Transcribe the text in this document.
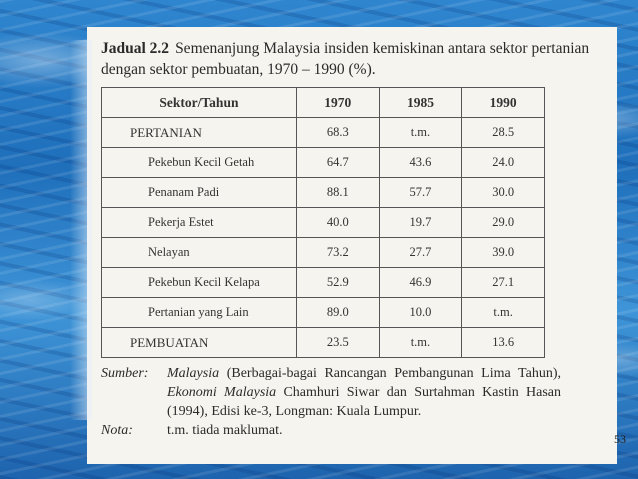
Jadual 2.2 Semenanjung Malaysia insiden kemiskinan antara sektor pertanian dengan sektor pembuatan, 1970 – 1990 (%).
Sektor/Tahun	1970	1985	1990
PERTANIAN	68.3	t.m.	28.5
Pekebun Kecil Getah	64.7	43.6	24.0
Penanam Padi	88.1	57.7	30.0
Pekerja Estet	40.0	19.7	29.0
Nelayan	73.2	27.7	39.0
Pekebun Kecil Kelapa	52.9	46.9	27.1
Pertanian yang Lain	89.0	10.0	t.m.
PEMBUATAN	23.5	t.m.	13.6
Sumber:	Malaysia (Berbagai-bagai Rancangan Pembangunan Lima Tahun), Ekonomi Malaysia Chamhuri Siwar dan Surtahman Kastin Hasan (1994), Edisi ke-3, Longman: Kuala Lumpur.
Nota:	t.m. tiada maklumat.
53
